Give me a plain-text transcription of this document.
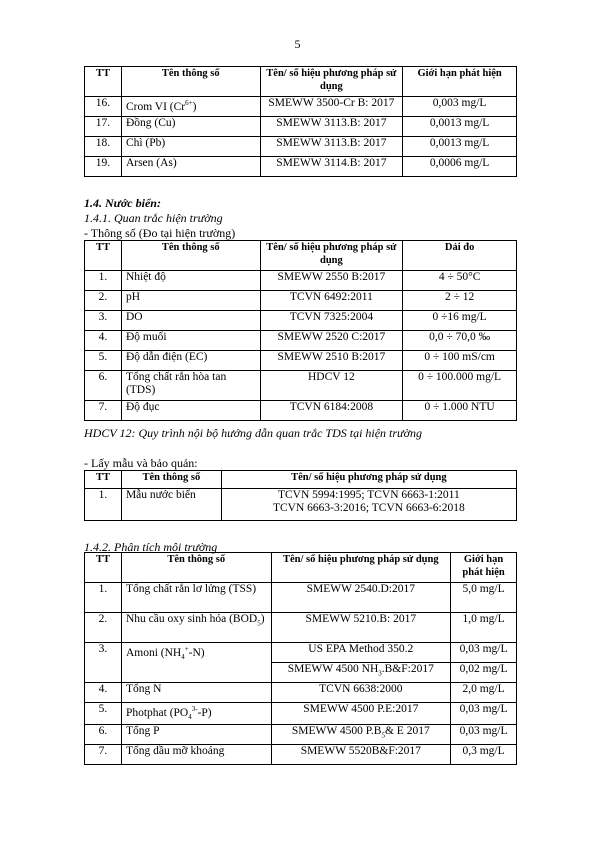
5
TT	Tên thông số	Tên/ số hiệu phương pháp sử dụng	Giới hạn phát hiện
16.	Crom VI $(Cr^{6+})$	SMEWW 3500-Cr B: 2017	0,003 mg/L
17.	Đồng (Cu)	SMEWW 3113.B: 2017	0,0013 mg/L
18.	Chì (Pb)	SMEWW 3113.B: 2017	0,0013 mg/L
19.	Arsen (As)	SMEWW 3114.B: 2017	0,0006 mg/L
1.4. Nước biển:
1.4.1. Quan trắc hiện trường
- Thông số (Đo tại hiện trường)
TT	Tên thông số	Tên/ số hiệu phương pháp sử dụng	Dải đo
1.	Nhiệt độ	SMEWW 2550 B:2017	4 ÷ 50°C
2.	pH	TCVN 6492:2011	2 ÷ 12
3.	DO	TCVN 7325:2004	0 ÷16 mg/L
4.	Độ muối	SMEWW 2520 C:2017	0,0 ÷ 70,0 ‰
5.	Độ dẫn điện (EC)	SMEWW 2510 B:2017	0 ÷ 100 mS/cm
6.	Tổng chất rắn hòa tan (TDS)	HDCV 12	0 ÷ 100.000 mg/L
7.	Độ đục	TCVN 6184:2008	0 ÷ 1.000 NTU
HDCV 12: Quy trình nội bộ hướng dẫn quan trắc TDS tại hiện trường
- Lấy mẫu và bảo quản:
TT	Tên thông số	Tên/ số hiệu phương pháp sử dụng
1.	Mẫu nước biển	TCVN 5994:1995; TCVN 6663-1:2011
TCVN 6663-3:2016; TCVN 6663-6:2018
1.4.2. Phân tích môi trường
TT	Tên thông số	Tên/ số hiệu phương pháp sử dụng	Giới hạn phát hiện
1.	Tổng chất rắn lơ lửng (TSS)	SMEWW 2540.D:2017	5,0 mg/L
2.	Nhu cầu oxy sinh hóa $(BOD_5)$	SMEWW 5210.B: 2017	1,0 mg/L
3.	Amoni $(NH_4^+-N)$	US EPA Method 350.2	0,03 mg/L
		SMEWW 4500 $NH_3.B\&F:2017$	0,02 mg/L
4.	Tổng N	TCVN 6638:2000	2,0 mg/L
5.	Photphat $(PO_4^{3-}-P)$	SMEWW 4500 P.E:2017	0,03 mg/L
6.	Tổng P	SMEWW 4500 $P.B_5\&$ E 2017	0,03 mg/L
7.	Tổng dầu mỡ khoáng	SMEWW 5520B&F:2017	0,3 mg/L
